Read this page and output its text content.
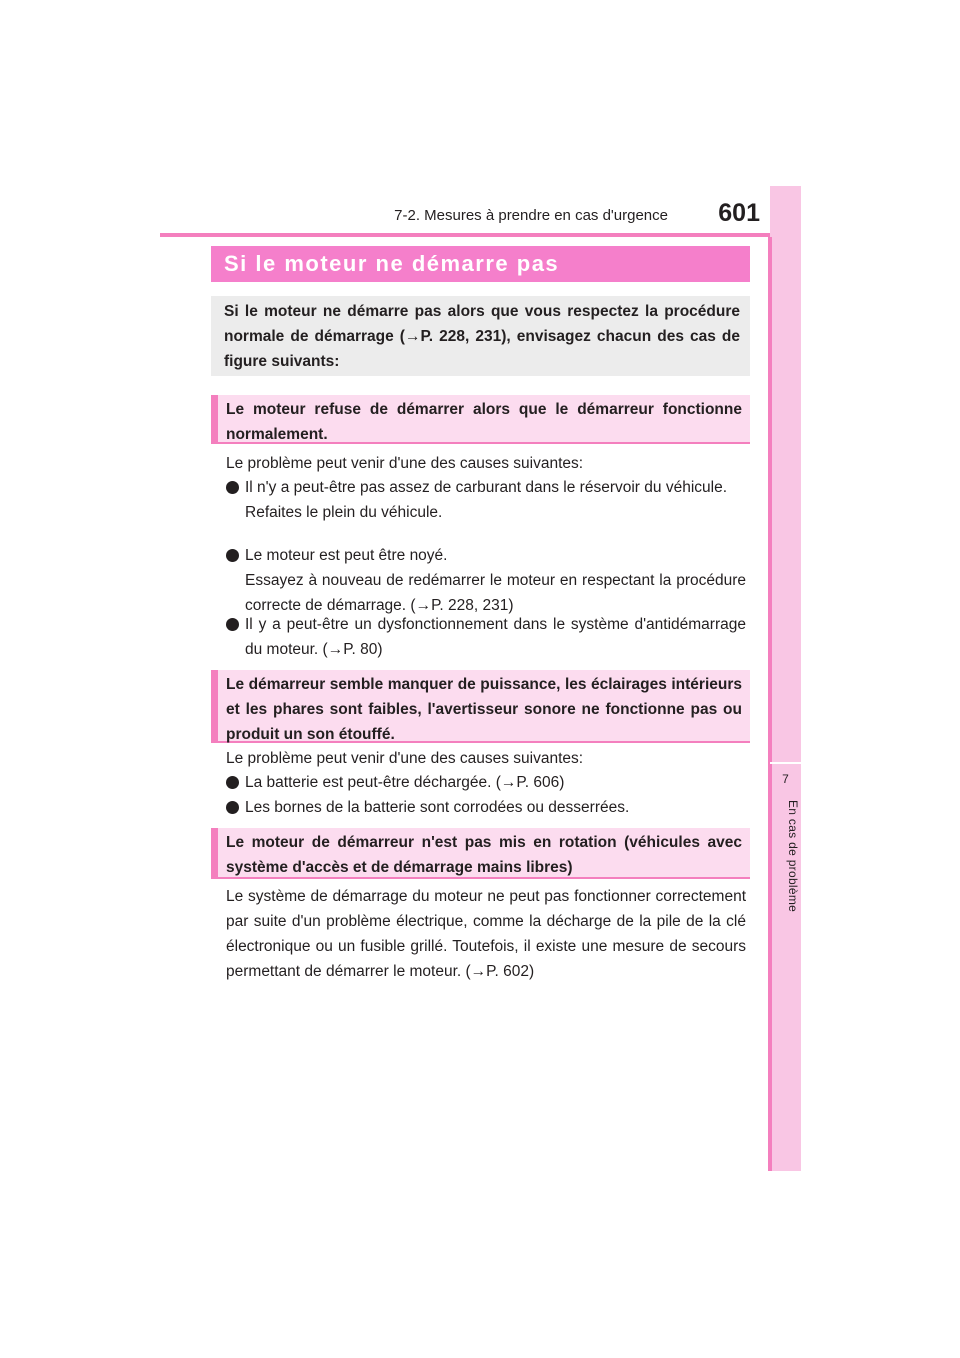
7-2. Mesures à prendre en cas d'urgence 601
7
En cas de problème
Si le moteur ne démarre pas
Si le moteur ne démarre pas alors que vous respectez la procédure normale de démarrage (→P. 228, 231), envisagez chacun des cas de figure suivants:
Le moteur refuse de démarrer alors que le démarreur fonctionne normalement.
Le problème peut venir d'une des causes suivantes:

Il n'y a peut-être pas assez de carburant dans le réservoir du véhicule.

Refaites le plein du véhicule.

Le moteur est peut être noyé.

Essayez à nouveau de redémarrer le moteur en respectant la procédure correcte de démarrage. (→P. 228, 231)

Il y a peut-être un dysfonctionnement dans le système d'antidémarrage du moteur. (→P. 80)

Le démarreur semble manquer de puissance, les éclairages intérieurs et les phares sont faibles, l'avertisseur sonore ne fonctionne pas ou produit un son étouffé.
Le problème peut venir d'une des causes suivantes:

La batterie est peut-être déchargée. (→P. 606)

Les bornes de la batterie sont corrodées ou desserrées.

Le moteur de démarreur n'est pas mis en rotation (véhicules avec système d'accès et de démarrage mains libres)
Le système de démarrage du moteur ne peut pas fonctionner correctement par suite d'un problème électrique, comme la décharge de la pile de la clé électronique ou un fusible grillé. Toutefois, il existe une mesure de secours permettant de démarrer le moteur. (→P. 602)
